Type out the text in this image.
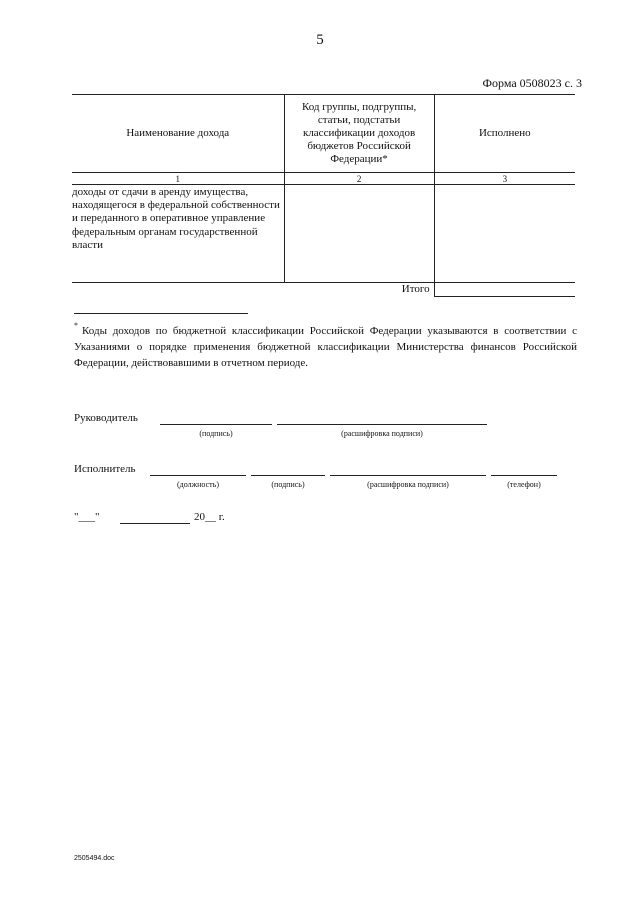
5
Форма 0508023 с. 3
Наименование дохода	Код группы, подгруппы, статьи, подстатьи классификации доходов бюджетов Российской Федерации*	Исполнено
1	2	3
доходы от сдачи в аренду имущества, находящегося в федеральной собственности и переданного в оперативное управление федеральным органам государственной власти		
	Итого	
* Коды доходов по бюджетной классификации Российской Федерации указываются в соответствии с Указаниями о порядке применения бюджетной классификации Министерства финансов Российской Федерации, действовавшими в отчетном периоде.
Руководитель
(подпись)	(расшифровка подписи)
Исполнитель
(должность)	(подпись)	(расшифровка подписи)	(телефон)
"___"	20__ г.
2505494.doc
